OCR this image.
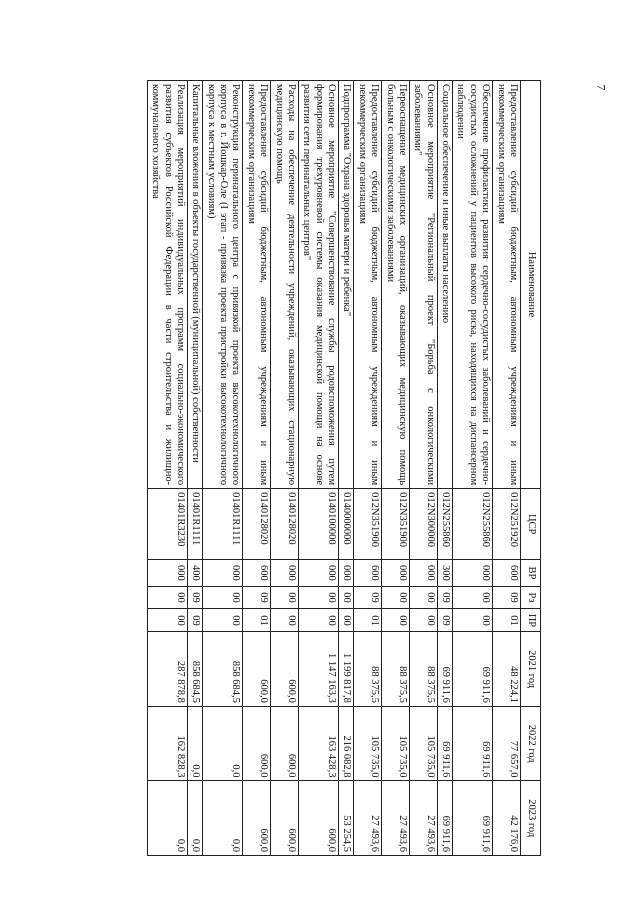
7
Наименование	ЦСР	ВР	Рз	ПР	2021 год	2022 год	2023 год
Предоставление субсидий бюджетным, автономным учреждениям и иным некоммерческим организациям	012N251920	600	09	01	48 224,1	77 657,0	42 176,0
Обеспечение профилактики развития сердечно-сосудистых заболеваний и сердечно-сосудистых осложнений у пациентов высокого риска, находящихся на диспансерном наблюдении	012N255860	000	00	00	69 911,6	69 911,6	69 911,6
Социальное обеспечение и иные выплаты населению	012N255860	300	09	09	69 911,6	69 911,6	69 911,6
Основное мероприятие "Региональный проект "Борьба с онкологическими заболеваниями"	012N300000	000	00	00	88 375,5	105 735,0	27 493,6
Переоснащение медицинских организаций, оказывающих медицинскую помощь больным с онкологическими заболеваниями	012N351900	000	00	00	88 375,5	105 735,0	27 493,6
Предоставление субсидий бюджетным, автономным учреждениям и иным некоммерческим организациям	012N351900	600	09	01	88 375,5	105 735,0	27 493,6
Подпрограмма "Охрана здоровья матери и ребенка"	0140000000	000	00	00	1 199 817,8	216 082,8	53 254,5
Основное мероприятие "Совершенствование службы родовспоможения путем формирования трехуровневой системы оказания медицинской помощи на основе развития сети перинатальных центров"	0140100000	000	00	00	1 147 163,3	163 428,3	600,0
Расходы на обеспечение деятельности учреждений, оказывающих стационарную медицинскую помощь	0140128020	000	00	00	600,0	600,0	600,0
Предоставление субсидий бюджетным, автономным учреждениям и иным некоммерческим организациям	0140128020	600	09	01	600,0	600,0	600,0
Реконструкция перинатального центра с привязкой проекта высокотехнологичного корпуса в г. Йошкар-Оле (I этап - привязка проекта пристройки высокотехнологичного корпуса к местным условиям)	01401R1111	000	00	00	858 684,5	0,0	0,0
Капитальные вложения в объекты государственной (муниципальной) собственности	01401R1111	400	09	09	858 684,5	0,0	0,0
Реализация мероприятий индивидуальных программ социально-экономического развития субъектов Российской Федерации в части строительства и жилищно-коммунального хозяйства	01401R3230	000	00	00	287 878,8	162 828,3	0,0
